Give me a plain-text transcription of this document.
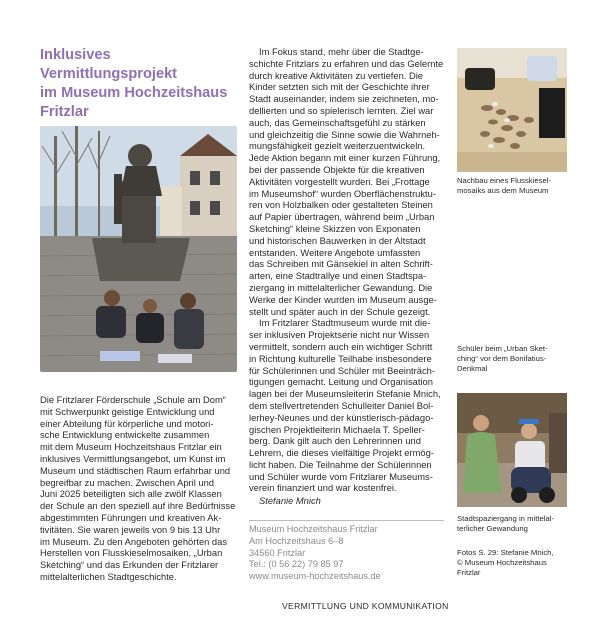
Inklusives Vermittlungsprojekt
im Museum Hochzeitshaus
Fritzlar
Die Fritzlarer Förderschule „Schule am Dom“
mit Schwerpunkt geistige Entwicklung und
einer Abteilung für körperliche und motori-
sche Entwicklung entwickelte zusammen
mit dem Museum Hochzeitshaus Fritzlar ein
inklusives Vermittlungsangebot, um Kunst im
Museum und städtischen Raum erfahrbar und
begreifbar zu machen. Zwischen April und
Juni 2025 beteiligten sich alle zwölf Klassen
der Schule an den speziell auf ihre Bedürfnisse
abgestimmten Führungen und kreativen Ak-
tivitäten. Sie waren jeweils von 9 bis 13 Uhr
im Museum. Zu den Angeboten gehörten das
Herstellen von Flusskieselmosaiken, „Urban
Sketching“ und das Erkunden der Fritzlarer
mittelalterlichen Stadtgeschichte.
Im Fokus stand, mehr über die Stadtge-
schichte Fritzlars zu erfahren und das Gelernte
durch kreative Aktivitäten zu vertiefen. Die
Kinder setzten sich mit der Geschichte ihrer
Stadt auseinander, indem sie zeichneten, mo-
dellierten und so spielerisch lernten. Ziel war
auch, das Gemeinschaftsgefühl zu stärken
und gleichzeitig die Sinne sowie die Wahrneh-
mungsfähigkeit gezielt weiterzuentwickeln.
Jede Aktion begann mit einer kurzen Führung,
bei der passende Objekte für die kreativen
Aktivitäten vorgestellt wurden. Bei „Frottage
im Museumshof“ wurden Oberflächenstruktu-
ren von Holzbalken oder gestalteten Steinen
auf Papier übertragen, während beim „Urban
Sketching“ kleine Skizzen von Exponaten
und historischen Bauwerken in der Altstadt
entstanden. Weitere Angebote umfassten
das Schreiben mit Gänsekiel in alten Schrift-
arten, eine Stadtrallye und einen Stadtspa-
ziergang in mittelalterlicher Gewandung. Die
Werke der Kinder wurden im Museum ausge-
stellt und später auch in der Schule gezeigt.
Im Fritzlarer Stadtmuseum wurde mit die-
ser inklusiven Projektserie nicht nur Wissen
vermittelt, sondern auch ein wichtiger Schritt
in Richtung kulturelle Teilhabe insbesondere
für Schülerinnen und Schüler mit Beeinträch-
tigungen gemacht. Leitung und Organisation
lagen bei der Museumsleiterin Stefanie Mnich,
dem stellvertretenden Schulleiter Daniel Bol-
lerhey-Neunes und der künstlerisch-pädago-
gischen Projektleiterin Michaela T. Speller-
berg. Dank gilt auch den Lehrerinnen und
Lehrern, die dieses vielfältige Projekt ermög-
licht haben. Die Teilnahme der Schülerinnen
und Schüler wurde vom Fritzlarer Museums-
verein finanziert und war kostenfrei.
Stefanie Mnich
Museum Hochzeitshaus Fritzlar
Am Hochzeitshaus 6–8
34560 Fritzlar
Tel.: (0 56 22) 79 85 97
www.museum-hochzeitshaus.de
Nachbau eines Flusskiesel-
mosaiks aus dem Museum
Schüler beim „Urban Sket-
ching“ vor dem Bonifatius-
Denkmal
Stadtspaziergang in mittelal-
terlicher Gewandung
Fotos S. 29: Stefanie Mnich,
© Museum Hochzeitshaus
Fritzlar
VERMITTLUNG UND KOMMUNIKATION
